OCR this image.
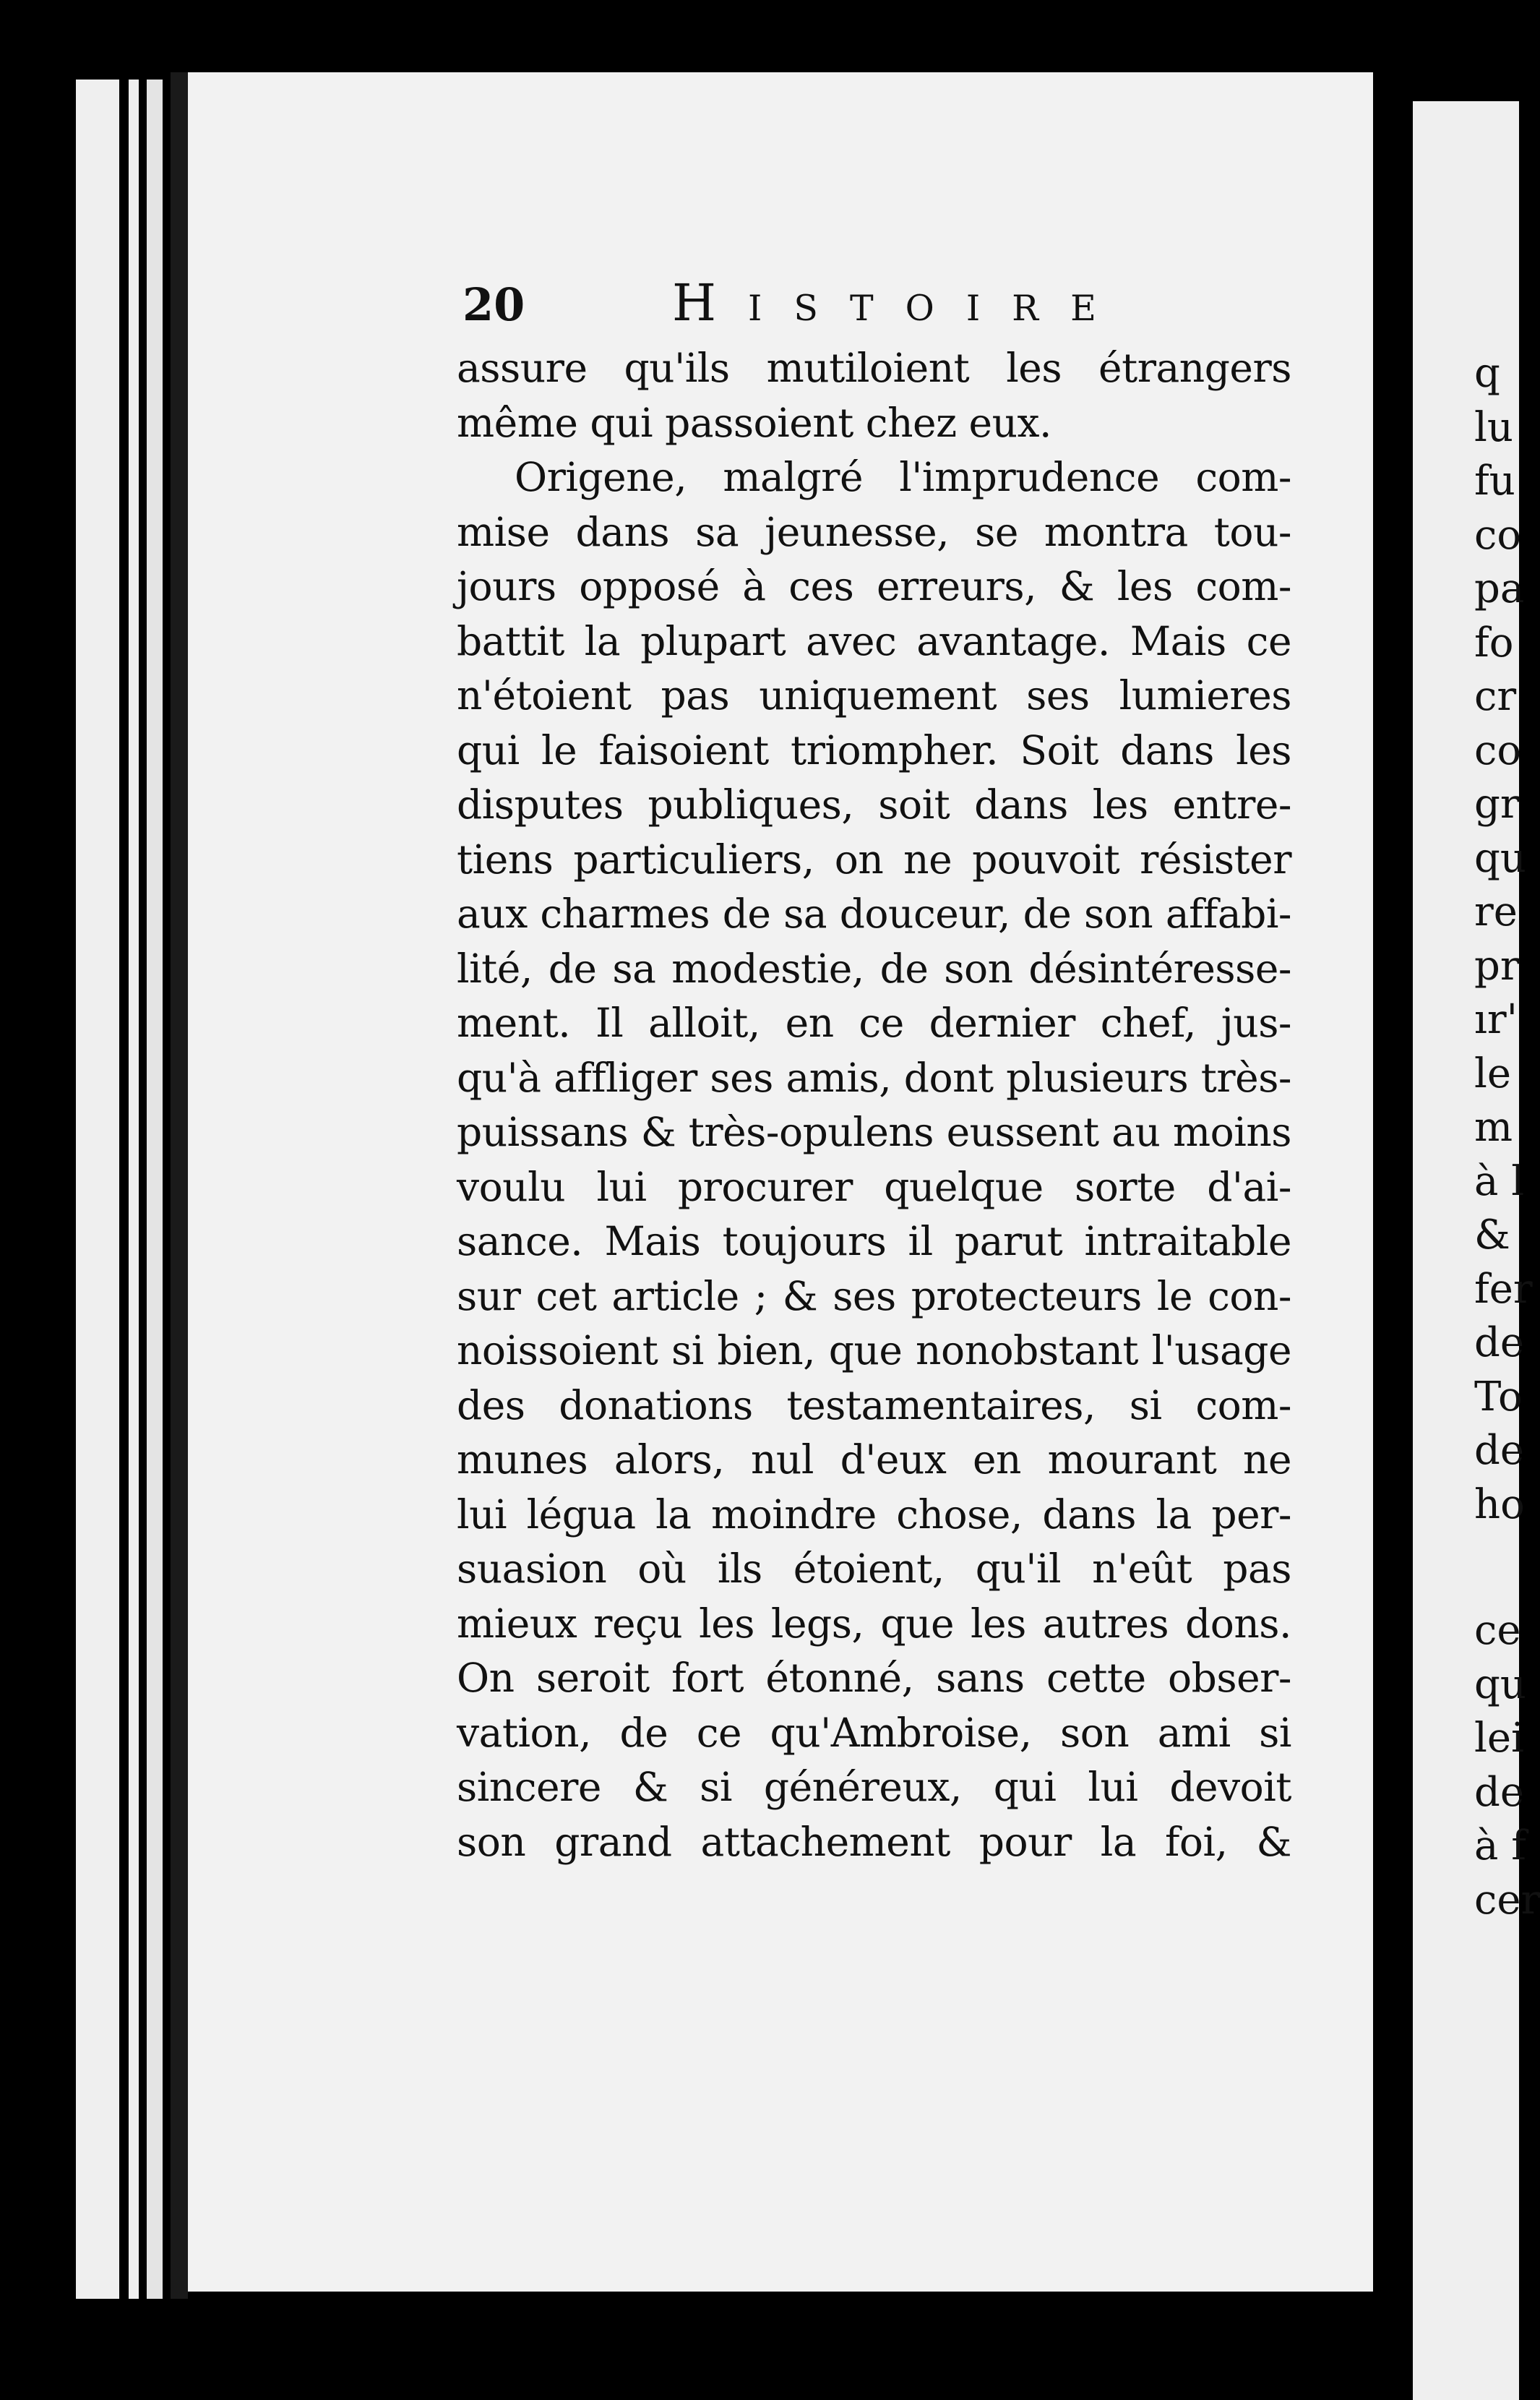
20	Histoire
assure qu'ils mutiloient les étrangers
même qui passoient chez eux.
Origene, malgré l'imprudence com-
mise dans sa jeunesse, se montra tou-
jours opposé à ces erreurs, & les com-
battit la plupart avec avantage. Mais ce
n'étoient pas uniquement ses lumieres
qui le faisoient triompher. Soit dans les
disputes publiques, soit dans les entre-
tiens particuliers, on ne pouvoit résister
aux charmes de sa douceur, de son affabi-
lité, de sa modestie, de son désintéresse-
ment. Il alloit, en ce dernier chef, jus-
qu'à affliger ses amis, dont plusieurs très-
puissans & très-opulens eussent au moins
voulu lui procurer quelque sorte d'ai-
sance. Mais toujours il parut intraitable
sur cet article ; & ses protecteurs le con-
noissoient si bien, que nonobstant l'usage
des donations testamentaires, si com-
munes alors, nul d'eux en mourant ne
lui légua la moindre chose, dans la per-
suasion où ils étoient, qu'il n'eût pas
mieux reçu les legs, que les autres dons.
On seroit fort étonné, sans cette obser-
vation, de ce qu'Ambroise, son ami si
sincere & si généreux, qui lui devoit
son grand attachement pour la foi, &
q
lu
fu
co
pa
fo
cr
co
gr
qu
re
pr
ır'
le
m
à l
&
fer
de
To
de
ho
ce
qu
lei
de
à f
cer
